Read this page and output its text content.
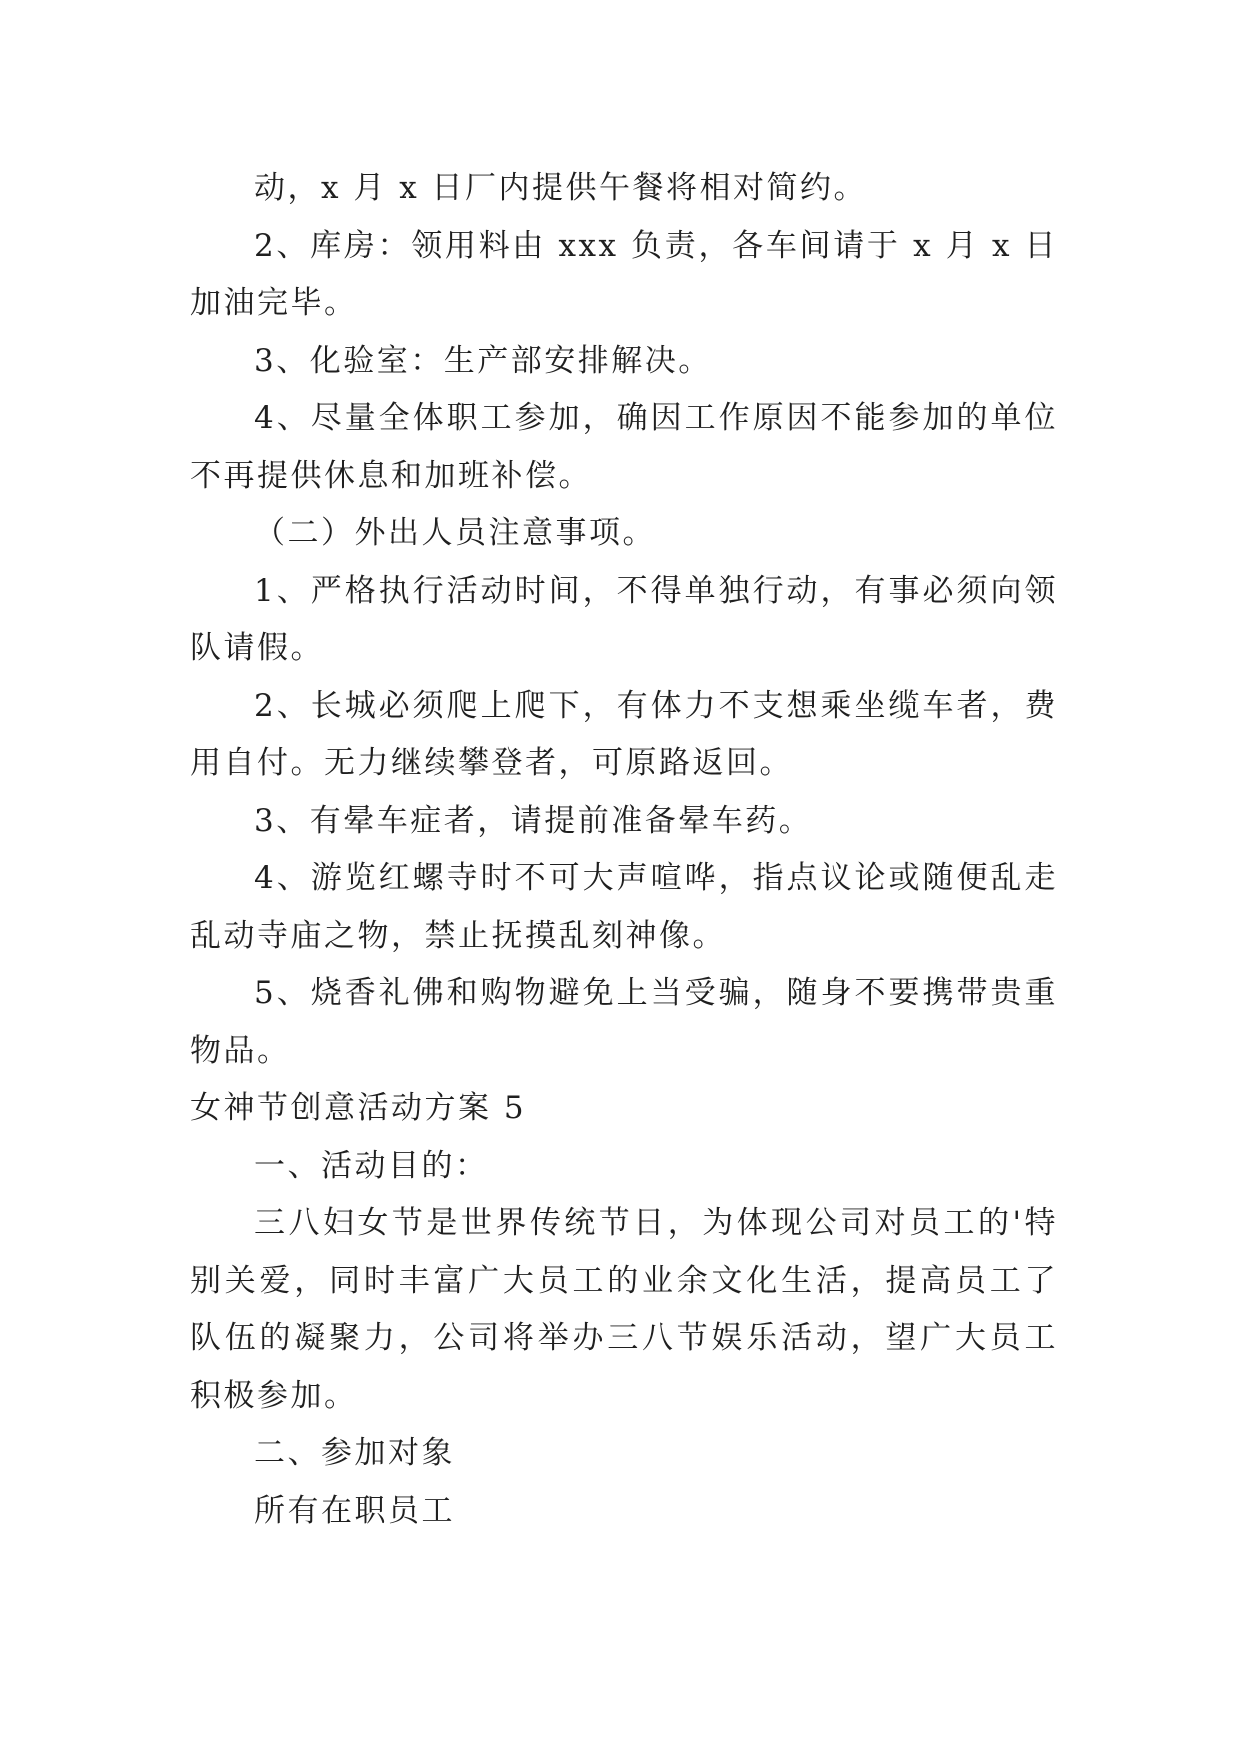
动，x 月 x 日厂内提供午餐将相对简约。

2、库房：领用料由 xxx 负责，各车间请于 x 月 x 日加油完毕。

3、化验室：生产部安排解决。

4、尽量全体职工参加，确因工作原因不能参加的单位不再提供休息和加班补偿。

（二）外出人员注意事项。

1、严格执行活动时间，不得单独行动，有事必须向领队请假。

2、长城必须爬上爬下，有体力不支想乘坐缆车者，费用自付。无力继续攀登者，可原路返回。

3、有晕车症者，请提前准备晕车药。

4、游览红螺寺时不可大声喧哗，指点议论或随便乱走乱动寺庙之物，禁止抚摸乱刻神像。

5、烧香礼佛和购物避免上当受骗，随身不要携带贵重物品。

女神节创意活动方案 5

一、活动目的：

三八妇女节是世界传统节日，为体现公司对员工的'特别关爱，同时丰富广大员工的业余文化生活，提高员工了队伍的凝聚力，公司将举办三八节娱乐活动，望广大员工积极参加。

二、参加对象

所有在职员工
